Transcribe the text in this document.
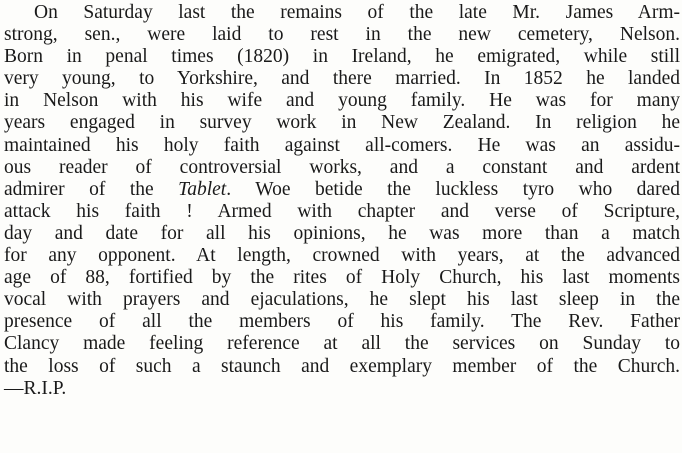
On Saturday last the remains of the late Mr. James Arm-
strong, sen., were laid to rest in the new cemetery, Nelson.
Born in penal times (1820) in Ireland, he emigrated, while still
very young, to Yorkshire, and there married. In 1852 he landed
in Nelson with his wife and young family. He was for many
years engaged in survey work in New Zealand. In religion he
maintained his holy faith against all-comers. He was an assidu-
ous reader of controversial works, and a constant and ardent
admirer of the Tablet. Woe betide the luckless tyro who dared
attack his faith ! Armed with chapter and verse of Scripture,
day and date for all his opinions, he was more than a match
for any opponent. At length, crowned with years, at the advanced
age of 88, fortified by the rites of Holy Church, his last moments
vocal with prayers and ejaculations, he slept his last sleep in the
presence of all the members of his family. The Rev. Father
Clancy made feeling reference at all the services on Sunday to
the loss of such a staunch and exemplary member of the Church.
—R.I.P.
